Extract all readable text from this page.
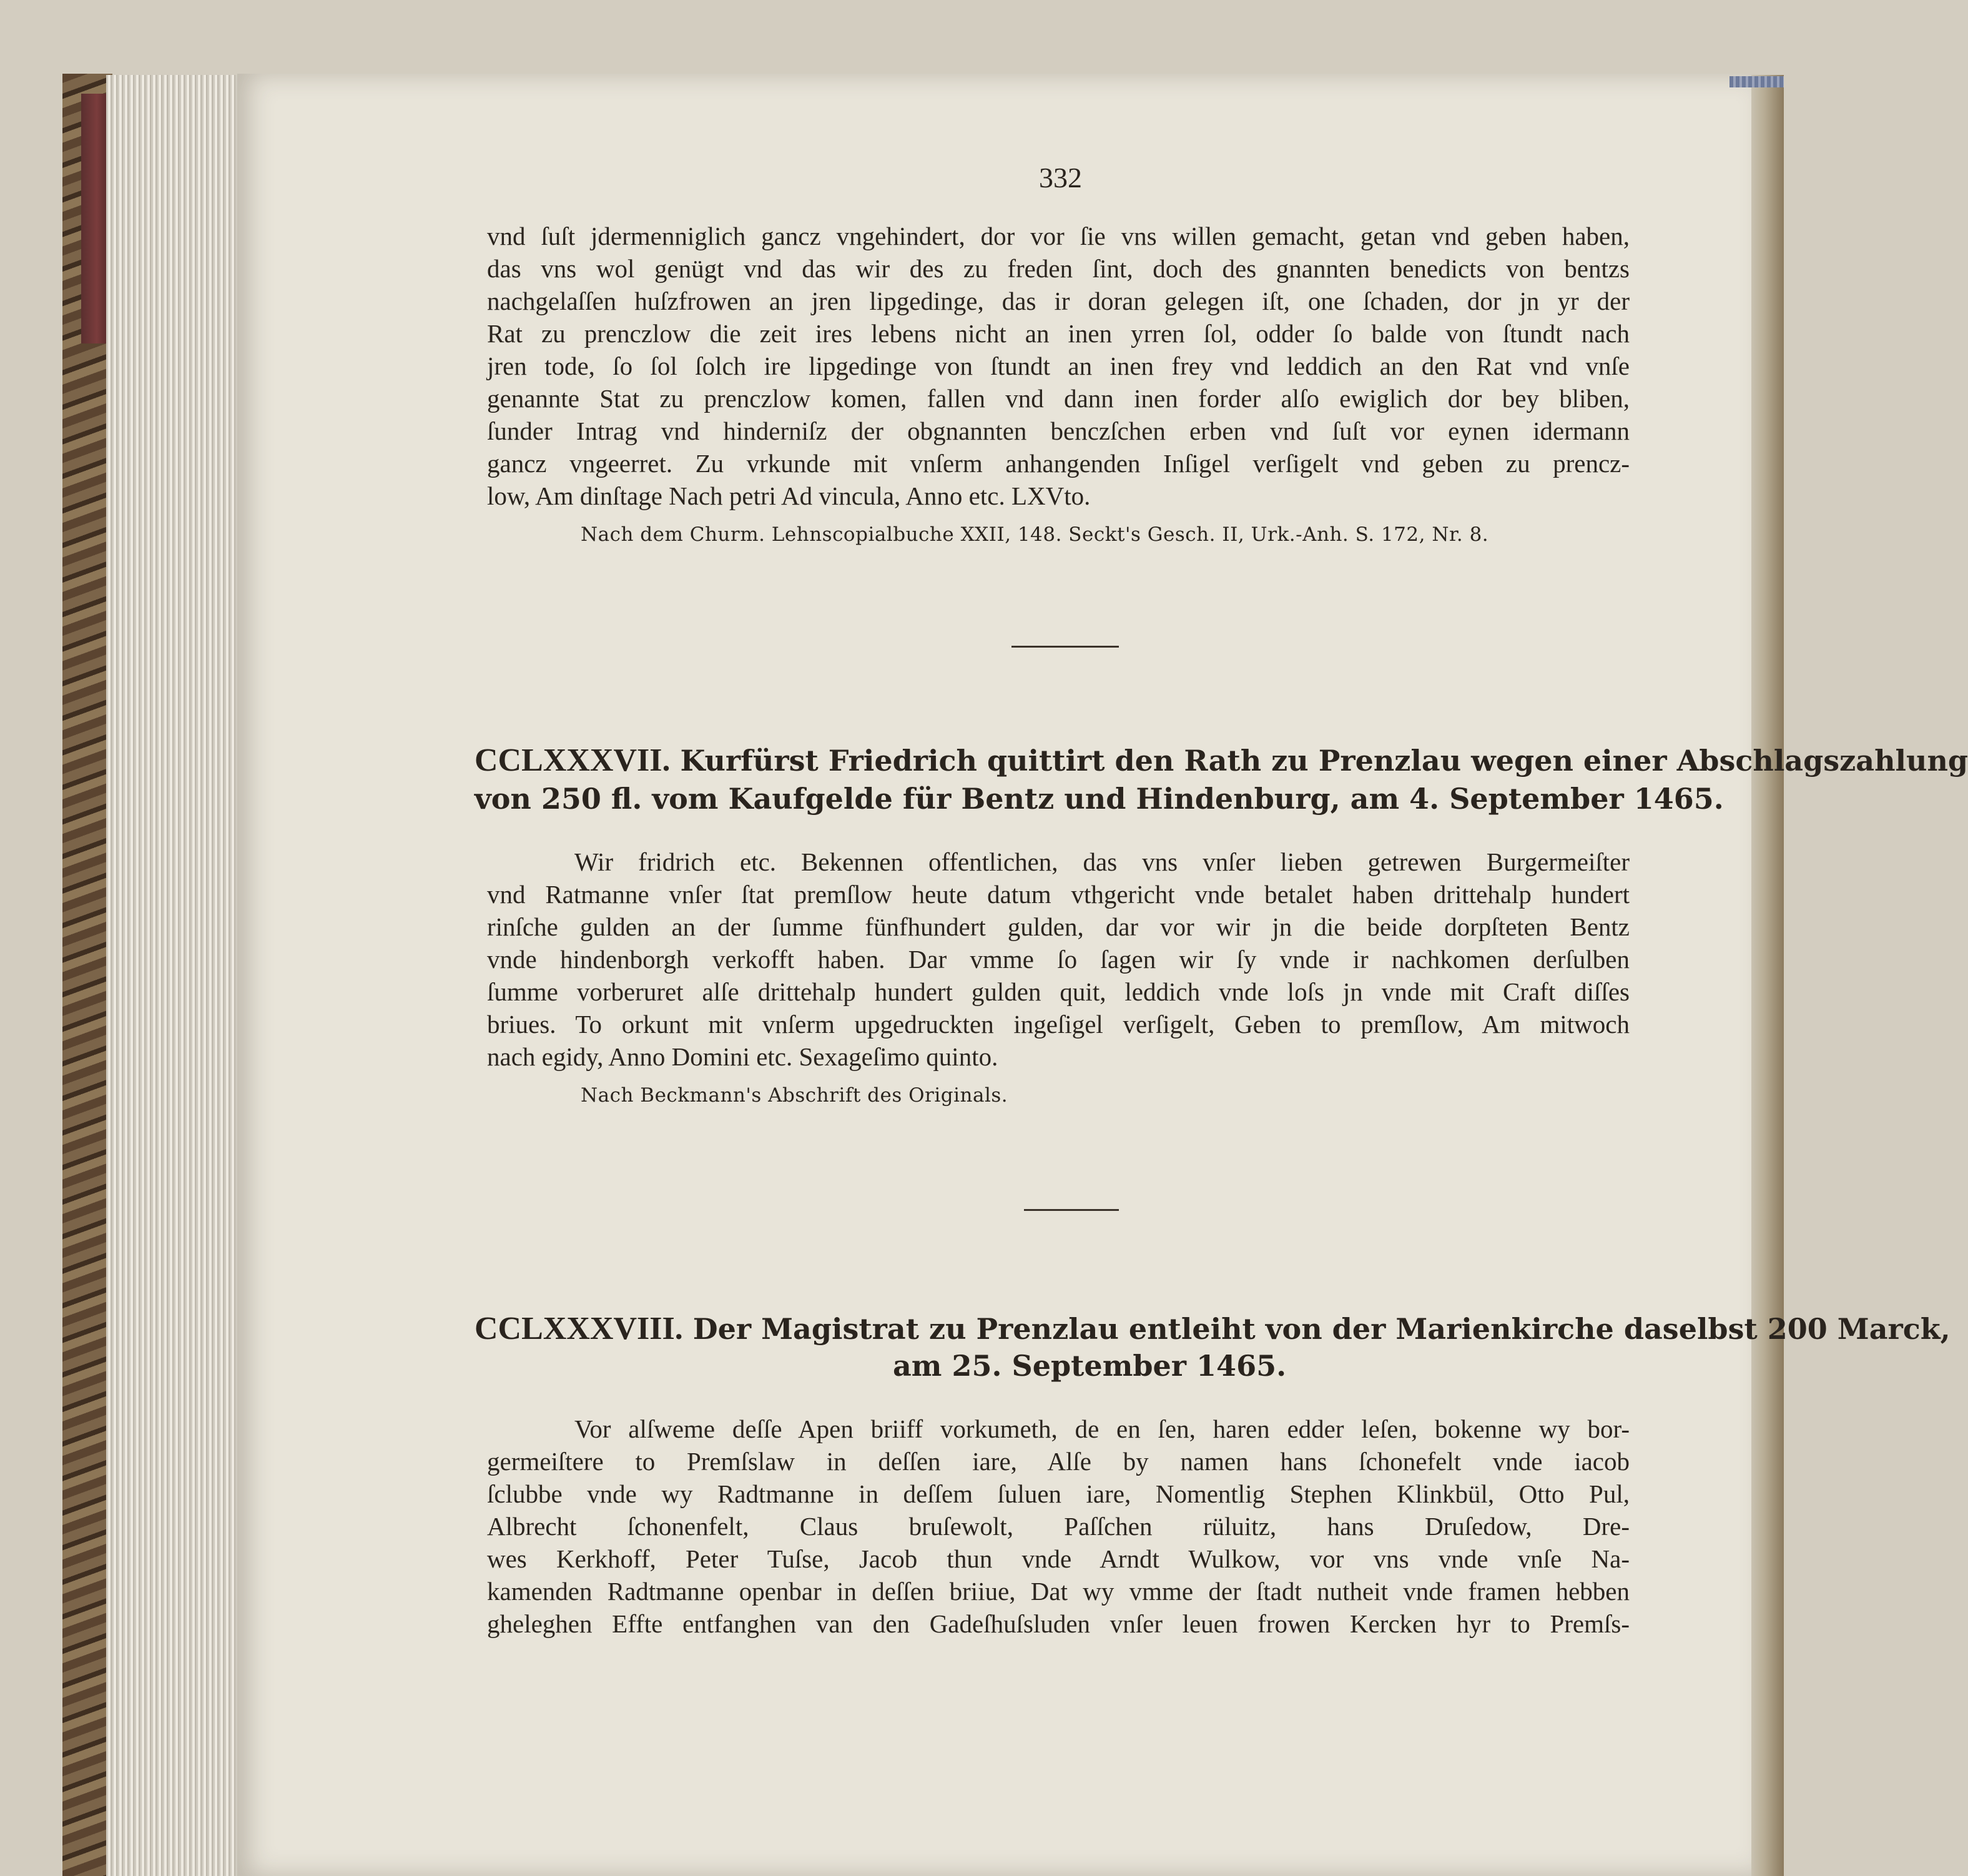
332
vnd ſuſt jdermenniglich gancz vngehindert, dor vor ſie vns willen gemacht, getan vnd geben haben,
das vns wol genügt vnd das wir des zu freden ſint, doch des gnannten benedicts von bentzs
nachgelaſſen huſzfrowen an jren lipgedinge, das ir doran gelegen iſt, one ſchaden, dor jn yr der
Rat zu prenczlow die zeit ires lebens nicht an inen yrren ſol, odder ſo balde von ſtundt nach
jren tode, ſo ſol ſolch ire lipgedinge von ſtundt an inen frey vnd leddich an den Rat vnd vnſe
genannte Stat zu prenczlow komen, fallen vnd dann inen forder alſo ewiglich dor bey bliben,
ſunder Intrag vnd hinderniſz der obgnannten benczſchen erben vnd ſuſt vor eynen idermann
gancz vngeerret. Zu vrkunde mit vnſerm anhangenden Inſigel verſigelt vnd geben zu prencz-
low, Am dinſtage Nach petri Ad vincula, Anno etc. LXVto.
Nach dem Churm. Lehnscopialbuche XXII, 148. Seckt's Gesch. II, Urk.-Anh. S. 172, Nr. 8.
CCLXXXVII. Kurfürst Friedrich quittirt den Rath zu Prenzlau wegen einer Abschlagszahlung
von 250 fl. vom Kaufgelde für Bentz und Hindenburg, am 4. September 1465.
Wir fridrich etc. Bekennen offentlichen, das vns vnſer lieben getrewen Burgermeiſter
vnd Ratmanne vnſer ſtat premſlow heute datum vthgericht vnde betalet haben drittehalp hundert
rinſche gulden an der ſumme fünfhundert gulden, dar vor wir jn die beide dorpſteten Bentz
vnde hindenborgh verkofft haben. Dar vmme ſo ſagen wir ſy vnde ir nachkomen derſulben
ſumme vorberuret alſe drittehalp hundert gulden quit, leddich vnde loſs jn vnde mit Craft diſſes
briues. To orkunt mit vnſerm upgedruckten ingeſigel verſigelt, Geben to premſlow, Am mitwoch
nach egidy, Anno Domini etc. Sexageſimo quinto.
Nach Beckmann's Abschrift des Originals.
CCLXXXVIII. Der Magistrat zu Prenzlau entleiht von der Marienkirche daselbst 200 Marck,
am 25. September 1465.
Vor alſweme deſſe Apen briiff vorkumeth, de en ſen, haren edder leſen, bokenne wy bor-
germeiſtere to Premſslaw in deſſen iare, Alſe by namen hans ſchonefelt vnde iacob
ſclubbe vnde wy Radtmanne in deſſem ſuluen iare, Nomentlig Stephen Klinkbül, Otto Pul,
Albrecht ſchonenfelt, Claus bruſewolt, Paſſchen rüluitz, hans Druſedow, Dre-
wes Kerkhoff, Peter Tuſse, Jacob thun vnde Arndt Wulkow, vor vns vnde vnſe Na-
kamenden Radtmanne openbar in deſſen briiue, Dat wy vmme der ſtadt nutheit vnde framen hebben
gheleghen Effte entfanghen van den Gadeſhuſsluden vnſer leuen frowen Kercken hyr to Premſs-
